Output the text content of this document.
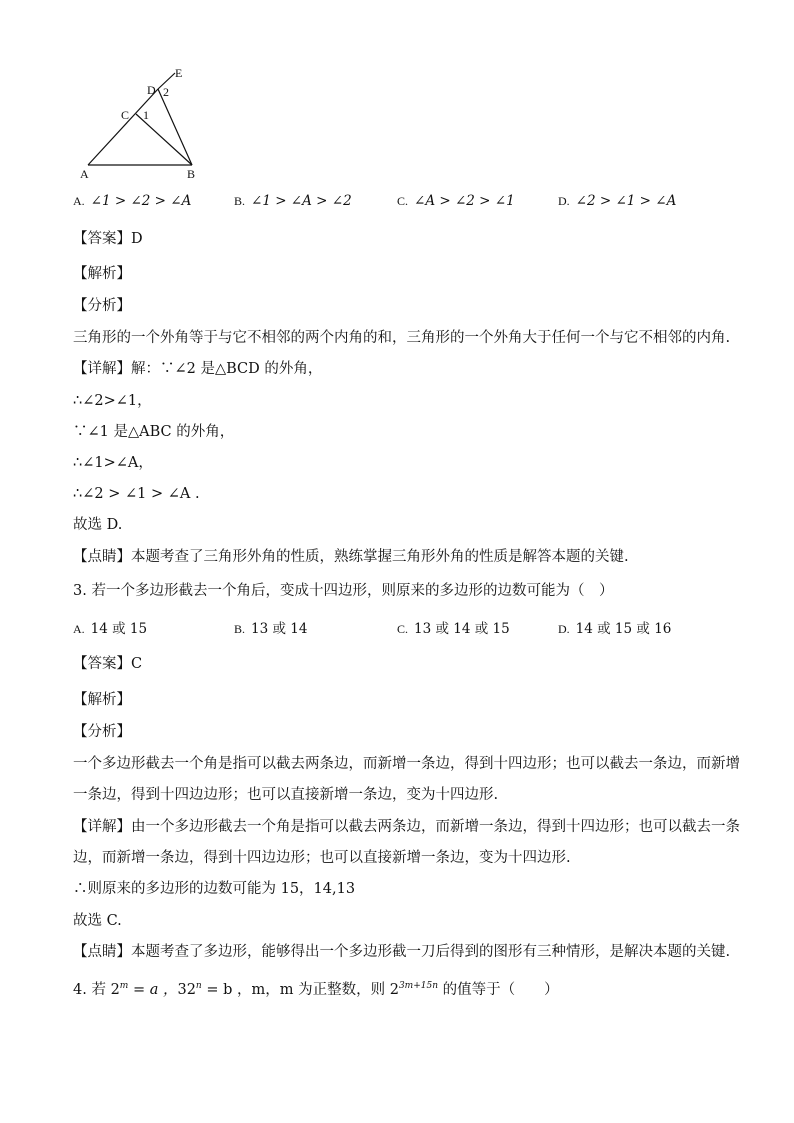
A	B
C
D
E
1
2
A. ∠1 > ∠2 > ∠A	B. ∠1 > ∠A > ∠2	C. ∠A > ∠2 > ∠1	D. ∠2 > ∠1 > ∠A
【答案】D
【解析】
【分析】
三角形的一个外角等于与它不相邻的两个内角的和，三角形的一个外角大于任何一个与它不相邻的内角.
【详解】解：∵∠2 是△BCD 的外角，
∴∠2>∠1，
∵∠1 是△ABC 的外角，
∴∠1>∠A，
∴∠2 > ∠1 > ∠A .
故选 D.
【点睛】本题考查了三角形外角的性质，熟练掌握三角形外角的性质是解答本题的关键.
3. 若一个多边形截去一个角后，变成十四边形，则原来的多边形的边数可能为（　）
A. 14 或 15	B. 13 或 14	C. 13 或 14 或 15	D. 14 或 15 或 16
【答案】C
【解析】
【分析】
一个多边形截去一个角是指可以截去两条边，而新增一条边，得到十四边形；也可以截去一条边，而新增
一条边，得到十四边边形；也可以直接新增一条边，变为十四边形.
【详解】由一个多边形截去一个角是指可以截去两条边，而新增一条边，得到十四边形；也可以截去一条
边，而新增一条边，得到十四边边形；也可以直接新增一条边，变为十四边形.
∴则原来的多边形的边数可能为 15，14,13
故选 C.
【点睛】本题考查了多边形，能够得出一个多边形截一刀后得到的图形有三种情形，是解决本题的关键.
4. 若 $2^m = a$ ，$32^n = b$ ，m，m 为正整数，则 $2^{3m+15n}$ 的值等于（　　）
